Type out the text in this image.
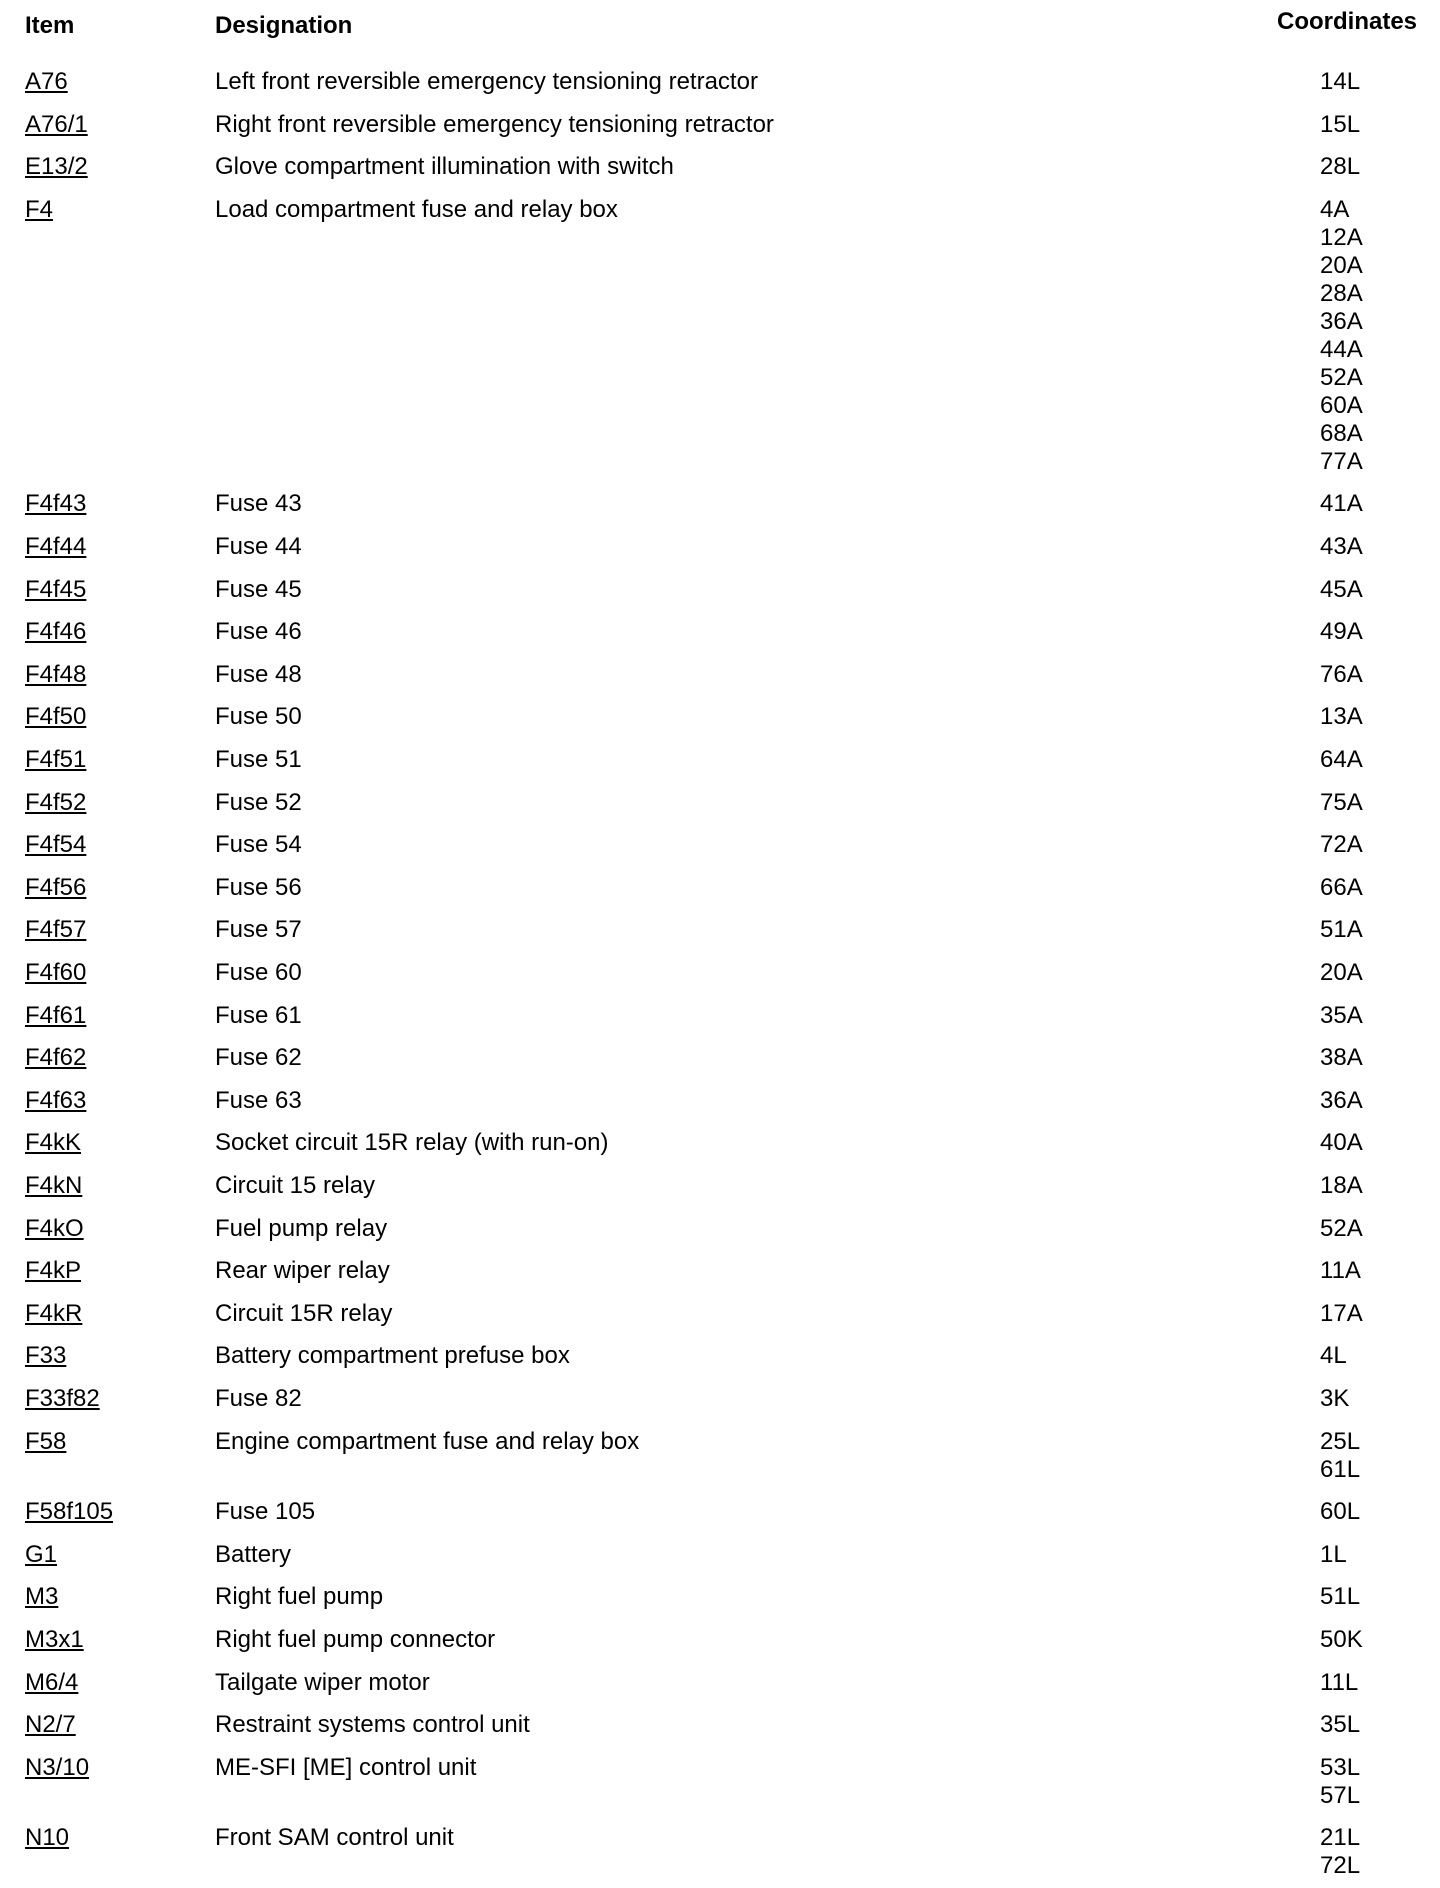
Item	Designation	Coordinates
A76	Left front reversible emergency tensioning retractor	14L
A76/1	Right front reversible emergency tensioning retractor	15L
E13/2	Glove compartment illumination with switch	28L
F4	Load compartment fuse and relay box	4A
12A
20A
28A
36A
44A
52A
60A
68A
77A
F4f43	Fuse 43	41A
F4f44	Fuse 44	43A
F4f45	Fuse 45	45A
F4f46	Fuse 46	49A
F4f48	Fuse 48	76A
F4f50	Fuse 50	13A
F4f51	Fuse 51	64A
F4f52	Fuse 52	75A
F4f54	Fuse 54	72A
F4f56	Fuse 56	66A
F4f57	Fuse 57	51A
F4f60	Fuse 60	20A
F4f61	Fuse 61	35A
F4f62	Fuse 62	38A
F4f63	Fuse 63	36A
F4kK	Socket circuit 15R relay (with run-on)	40A
F4kN	Circuit 15 relay	18A
F4kO	Fuel pump relay	52A
F4kP	Rear wiper relay	11A
F4kR	Circuit 15R relay	17A
F33	Battery compartment prefuse box	4L
F33f82	Fuse 82	3K
F58	Engine compartment fuse and relay box	25L
61L
F58f105	Fuse 105	60L
G1	Battery	1L
M3	Right fuel pump	51L
M3x1	Right fuel pump connector	50K
M6/4	Tailgate wiper motor	11L
N2/7	Restraint systems control unit	35L
N3/10	ME-SFI [ME] control unit	53L
57L
N10	Front SAM control unit	21L
72L
